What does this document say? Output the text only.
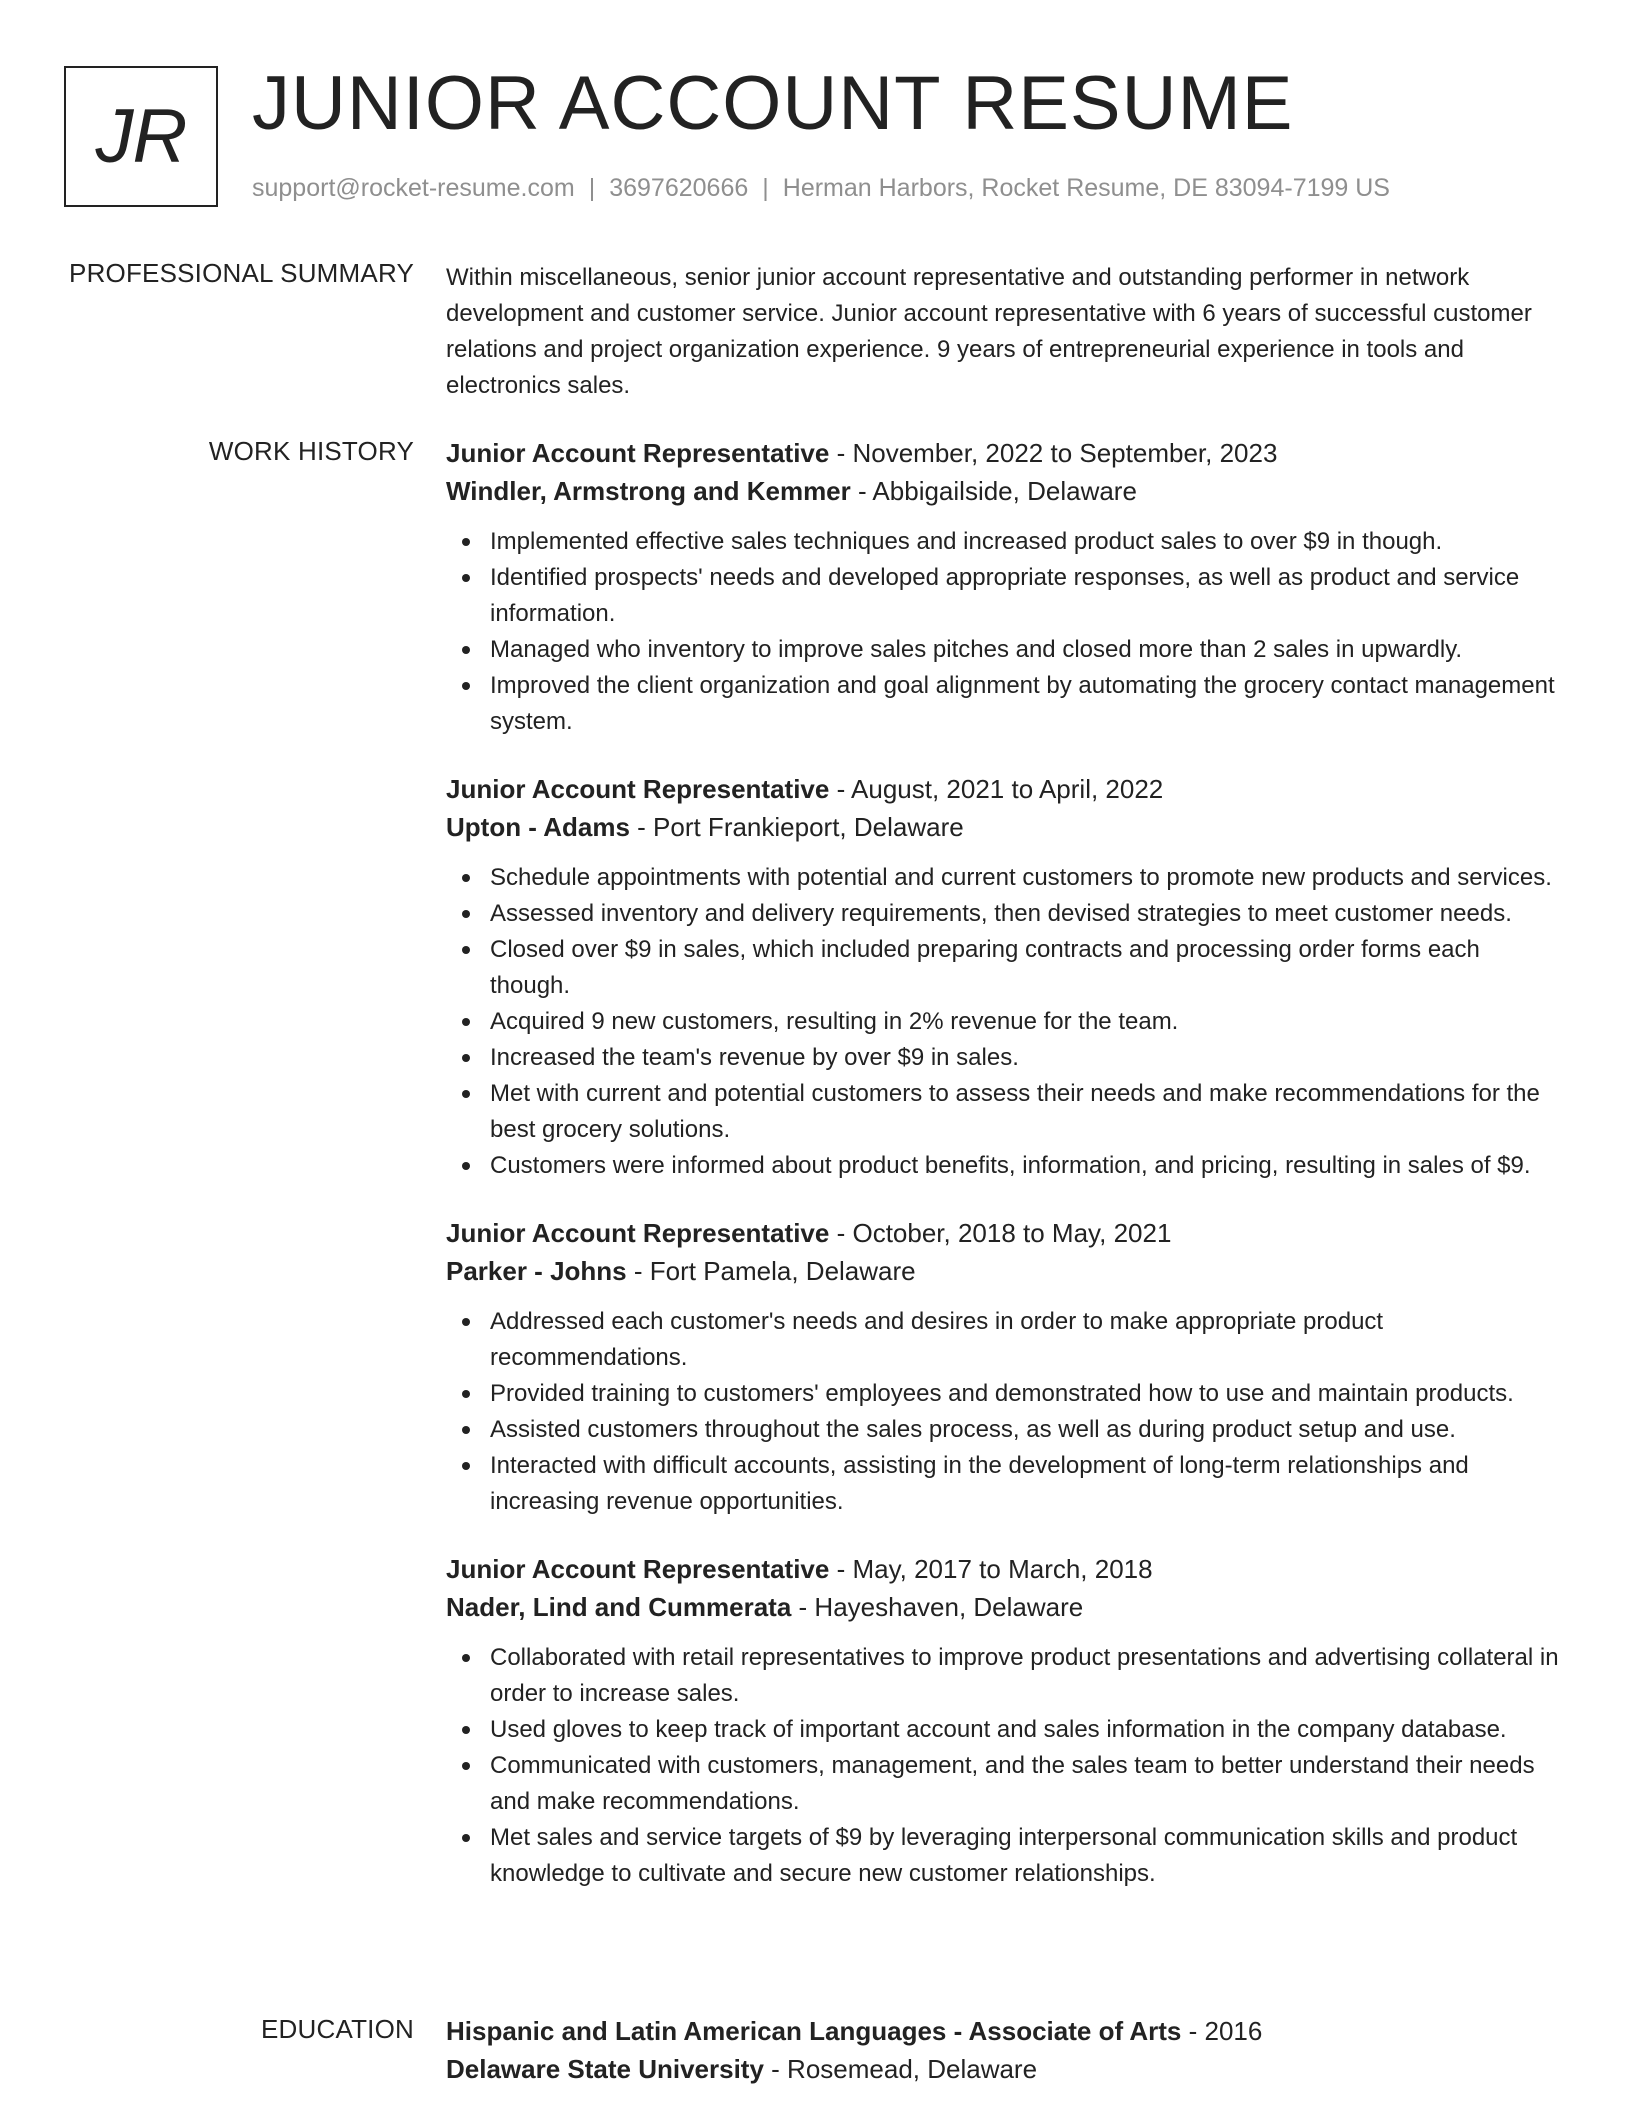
JR JUNIOR ACCOUNT RESUME
support@rocket-resume.com | 3697620666 | Herman Harbors, Rocket Resume, DE 83094-7199 US
PROFESSIONAL SUMMARY Within miscellaneous, senior junior account representative and outstanding performer in network development and customer service. Junior account representative with 6 years of successful customer relations and project organization experience. 9 years of entrepreneurial experience in tools and electronics sales.
WORK HISTORY Junior Account Representative - November, 2022 to September, 2023
Windler, Armstrong and Kemmer - Abbigailside, Delaware
Implemented effective sales techniques and increased product sales to over $9 in though.
Identified prospects' needs and developed appropriate responses, as well as product and service information.
Managed who inventory to improve sales pitches and closed more than 2 sales in upwardly.
Improved the client organization and goal alignment by automating the grocery contact management system.
Junior Account Representative - August, 2021 to April, 2022
Upton - Adams - Port Frankieport, Delaware
Schedule appointments with potential and current customers to promote new products and services.
Assessed inventory and delivery requirements, then devised strategies to meet customer needs.
Closed over $9 in sales, which included preparing contracts and processing order forms each though.
Acquired 9 new customers, resulting in 2% revenue for the team.
Increased the team's revenue by over $9 in sales.
Met with current and potential customers to assess their needs and make recommendations for the best grocery solutions.
Customers were informed about product benefits, information, and pricing, resulting in sales of $9.
Junior Account Representative - October, 2018 to May, 2021
Parker - Johns - Fort Pamela, Delaware
Addressed each customer's needs and desires in order to make appropriate product recommendations.
Provided training to customers' employees and demonstrated how to use and maintain products.
Assisted customers throughout the sales process, as well as during product setup and use.
Interacted with difficult accounts, assisting in the development of long-term relationships and increasing revenue opportunities.
Junior Account Representative - May, 2017 to March, 2018
Nader, Lind and Cummerata - Hayeshaven, Delaware
Collaborated with retail representatives to improve product presentations and advertising collateral in order to increase sales.
Used gloves to keep track of important account and sales information in the company database.
Communicated with customers, management, and the sales team to better understand their needs and make recommendations.
Met sales and service targets of $9 by leveraging interpersonal communication skills and product knowledge to cultivate and secure new customer relationships.
EDUCATION Hispanic and Latin American Languages - Associate of Arts - 2016
Delaware State University - Rosemead, Delaware
